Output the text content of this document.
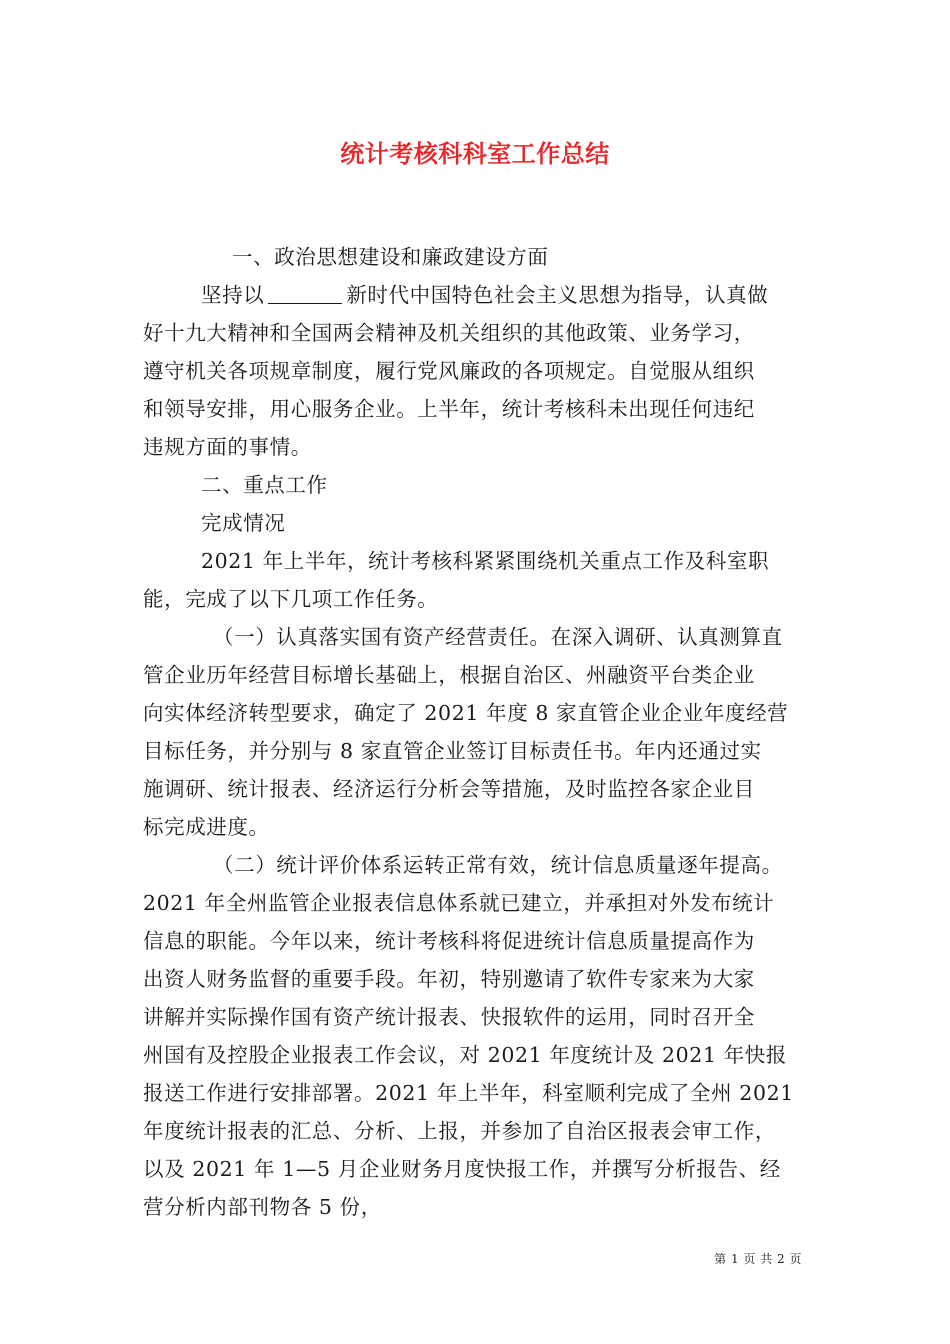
统计考核科科室工作总结
一、政治思想建设和廉政建设方面
坚持以	新时代中国特色社会主义思想为指导，认真做
好十九大精神和全国两会精神及机关组织的其他政策、业务学习，
遵守机关各项规章制度，履行党风廉政的各项规定。自觉服从组织
和领导安排，用心服务企业。上半年，统计考核科未出现任何违纪
违规方面的事情。
二、重点工作
完成情况
2021 年上半年，统计考核科紧紧围绕机关重点工作及科室职
能，完成了以下几项工作任务。
（一）认真落实国有资产经营责任。在深入调研、认真测算直
管企业历年经营目标增长基础上，根据自治区、州融资平台类企业
向实体经济转型要求，确定了 2021 年度 8 家直管企业企业年度经营
目标任务，并分别与 8 家直管企业签订目标责任书。年内还通过实
施调研、统计报表、经济运行分析会等措施，及时监控各家企业目
标完成进度。
（二）统计评价体系运转正常有效，统计信息质量逐年提高。
2021 年全州监管企业报表信息体系就已建立，并承担对外发布统计
信息的职能。今年以来，统计考核科将促进统计信息质量提高作为
出资人财务监督的重要手段。年初，特别邀请了软件专家来为大家
讲解并实际操作国有资产统计报表、快报软件的运用，同时召开全
州国有及控股企业报表工作会议，对 2021 年度统计及 2021 年快报
报送工作进行安排部署。2021 年上半年，科室顺利完成了全州 2021
年度统计报表的汇总、分析、上报，并参加了自治区报表会审工作，
以及 2021 年 1—5 月企业财务月度快报工作，并撰写分析报告、经
营分析内部刊物各 5 份，
第 1 页 共 2 页
